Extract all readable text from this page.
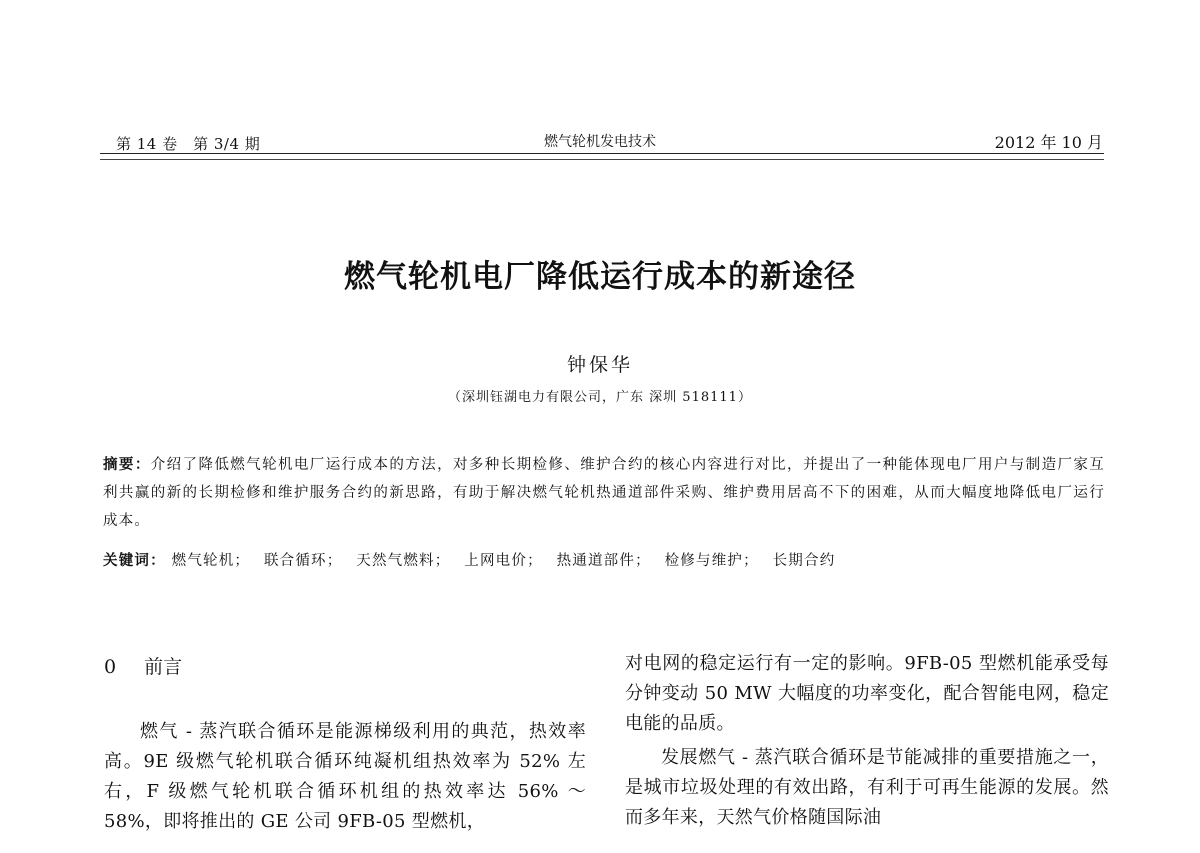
第 14 卷　第 3/4 期	燃气轮机发电技术	2012 年 10 月
燃气轮机电厂降低运行成本的新途径
钟保华
（深圳钰湖电力有限公司，广东 深圳 518111）
摘要：介绍了降低燃气轮机电厂运行成本的方法，对多种长期检修、维护合约的核心内容进行对比，并提出了一种能体现电厂用户与制造厂家互利共赢的新的长期检修和维护服务合约的新思路，有助于解决燃气轮机热通道部件采购、维护费用居高不下的困难，从而大幅度地降低电厂运行成本。
关键词： 燃气轮机； 联合循环； 天然气燃料； 上网电价； 热通道部件； 检修与维护； 长期合约
0 前言

燃气 - 蒸汽联合循环是能源梯级利用的典范，热效率高。9E 级燃气轮机联合循环纯凝机组热效率为 52% 左右，F 级燃气轮机联合循环机组的热效率达 56% ～ 58%，即将推出的 GE 公司 9FB-05 型燃机，

对电网的稳定运行有一定的影响。9FB-05 型燃机能承受每分钟变动 50 MW 大幅度的功率变化，配合智能电网，稳定电能的品质。

发展燃气 - 蒸汽联合循环是节能减排的重要措施之一，是城市垃圾处理的有效出路，有利于可再生能源的发展。然而多年来，天然气价格随国际油
